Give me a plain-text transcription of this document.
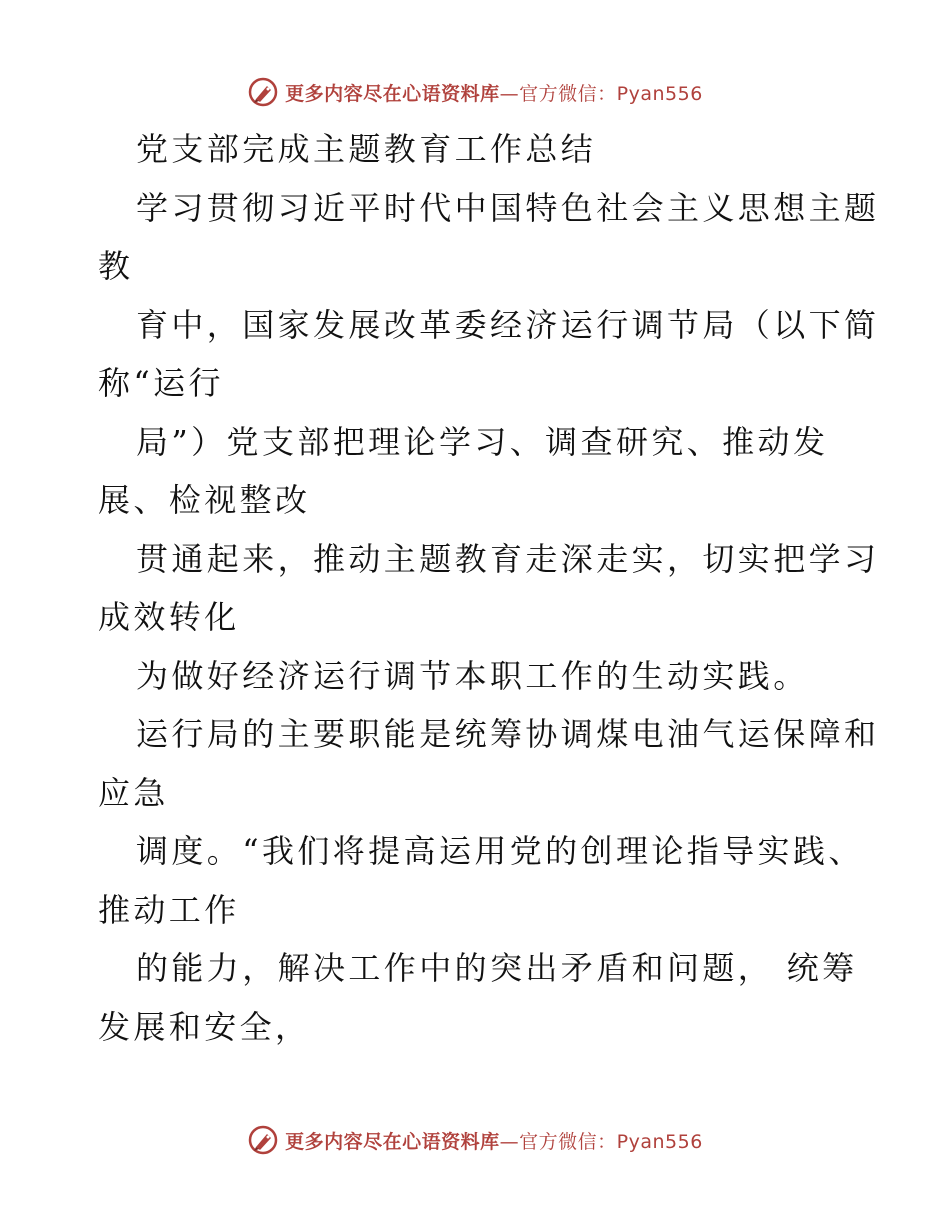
更多内容尽在心语资料库—官方微信：Pyan556
党支部完成主题教育工作总结
学习贯彻习近平时代中国特色社会主义思想主题
教
育中，国家发展改革委经济运行调节局（以下简
称“运行
局”）党支部把理论学习、调查研究、推动发
展、检视整改
贯通起来，推动主题教育走深走实，切实把学习
成效转化
为做好经济运行调节本职工作的生动实践。
运行局的主要职能是统筹协调煤电油气运保障和
应急
调度。“我们将提高运用党的创理论指导实践、
推动工作
的能力，解决工作中的突出矛盾和问题， 统筹
发展和安全，
更多内容尽在心语资料库—官方微信：Pyan556
